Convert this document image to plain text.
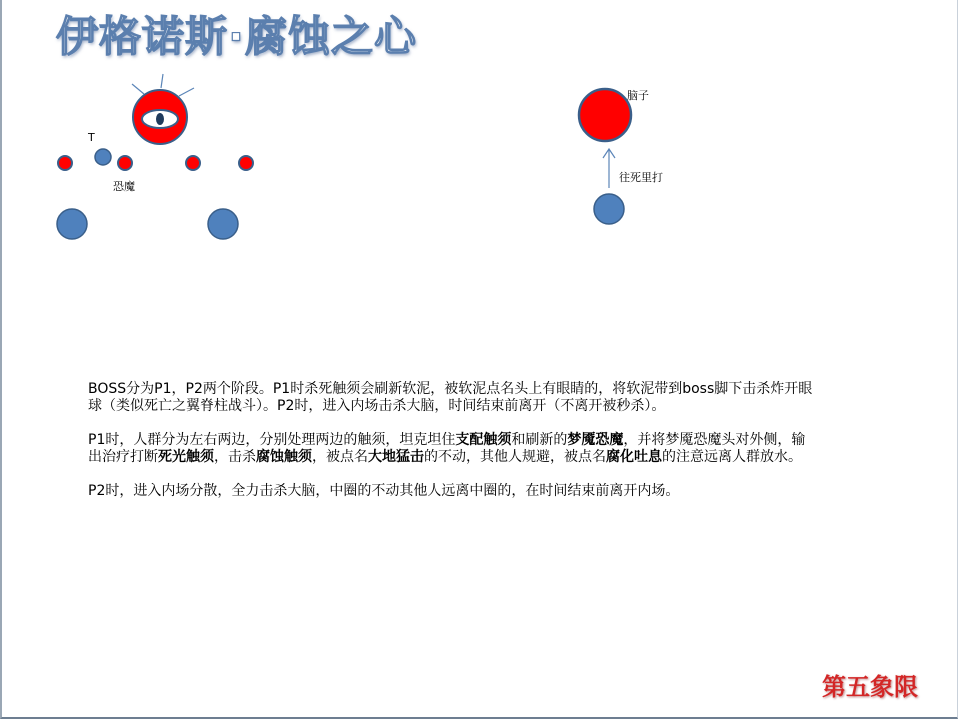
伊格诺斯·腐蚀之心
T
恐魔
脑子
往死里打

BOSS分为P1，P2两个阶段。P1时杀死触须会刷新软泥，被软泥点名头上有眼睛的，将软泥带到boss脚下击杀炸开眼球（类似死亡之翼脊柱战斗）。P2时，进入内场击杀大脑，时间结束前离开（不离开被秒杀）。

P1时，人群分为左右两边，分别处理两边的触须，坦克坦住支配触须和刷新的梦魇恐魔，并将梦魇恐魔头对外侧，输出治疗打断死光触须，击杀腐蚀触须，被点名大地猛击的不动，其他人规避，被点名腐化吐息的注意远离人群放水。

P2时，进入内场分散，全力击杀大脑，中圈的不动其他人远离中圈的，在时间结束前离开内场。

第五象限
